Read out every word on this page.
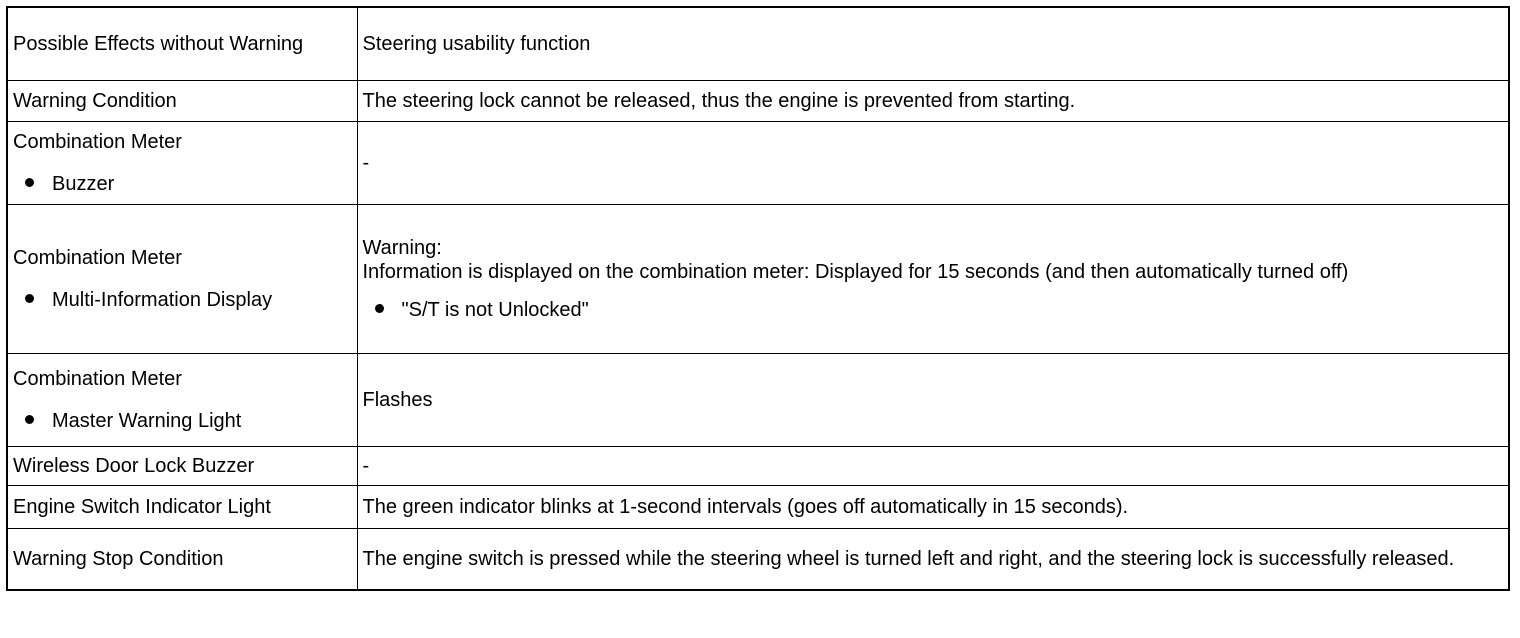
Possible Effects without Warning	Steering usability function
Warning Condition	The steering lock cannot be released, thus the engine is prevented from starting.

Combination Meter
Buzzer	-

Combination Meter
Multi-Information Display	Warning:
Information is displayed on the combination meter: Displayed for 15 seconds (and then automatically turned off)
"S/T is not Unlocked"

Combination Meter
Master Warning Light	Flashes
Wireless Door Lock Buzzer	-
Engine Switch Indicator Light	The green indicator blinks at 1-second intervals (goes off automatically in 15 seconds).
Warning Stop Condition	The engine switch is pressed while the steering wheel is turned left and right, and the steering lock is successfully released.
